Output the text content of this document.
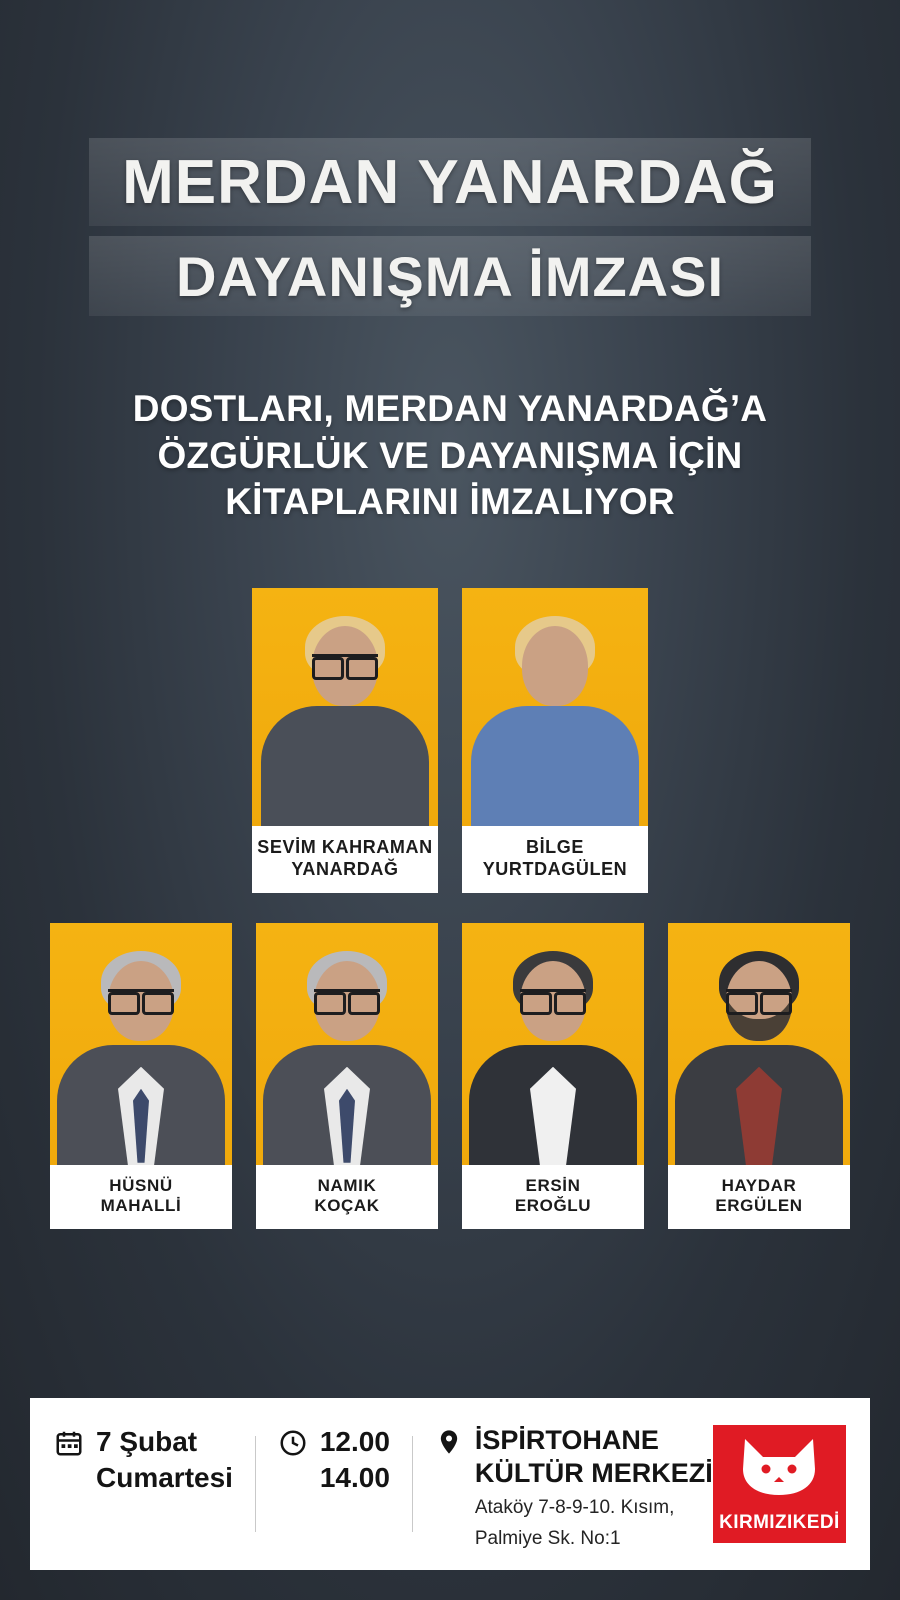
MERDAN YANARDAĞ
DAYANIŞMA İMZASI
DOSTLARI, MERDAN YANARDAĞ’A
ÖZGÜRLÜK VE DAYANIŞMA İÇİN
KİTAPLARINI İMZALIYOR
SEVİM KAHRAMAN
YANARDAĞ
BİLGE
YURTDAGÜLEN
HÜSNÜ
MAHALLİ
NAMIK
KOÇAK
ERSİN
EROĞLU
HAYDAR
ERGÜLEN
7 Şubat
Cumartesi
12.00
14.00
İSPİRTOHANE
KÜLTÜR MERKEZİ
Ataköy 7-8-9-10. Kısım,
Palmiye Sk. No:1
KIRMIZIKEDİ
